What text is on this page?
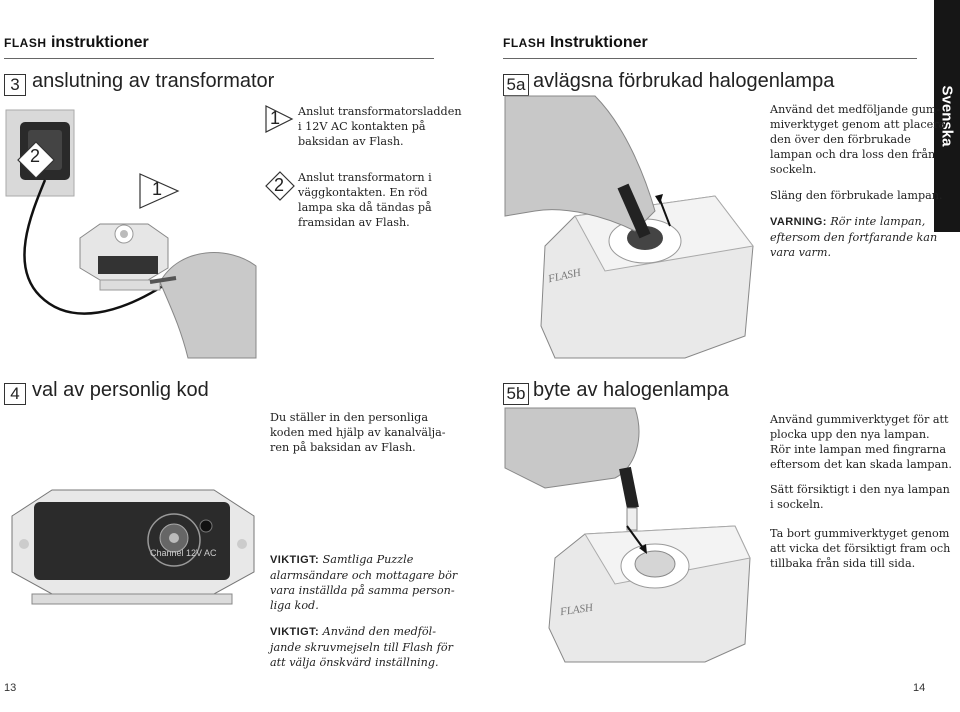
FLASH instruktioner	FLASH Instruktioner
Svenska
3 anslutning av transformator
2
1
1 Anslut transformatorsladden

i 12V AC kontakten på

baksidan av Flash.

2 Anslut transformatorn i

väggkontakten. En röd

lampa ska då tändas på

framsidan av Flash.

5a avlägsna förbrukad halogenlampa
FLASH

Använd det medföljande gum-

miverktyget genom att placera

den över den förbrukade

lampan och dra loss den från

sockeln.

Släng den förbrukade lampan.

VARNING: Rör inte lampan,

eftersom den fortfarande kan

vara varm.

4 val av personlig kod

Du ställer in den personliga

koden med hjälp av kanalvälja-

ren på baksidan av Flash.

Channel 12V AC

VIKTIGT: Samtliga Puzzle

alarmsändare och mottagare bör

vara inställda på samma person-

liga kod.

VIKTIGT: Använd den medföl-

jande skruvmejseln till Flash för

att välja önskvärd inställning.

5b byte av halogenlampa
FLASH

Använd gummiverktyget för att

plocka upp den nya lampan.

Rör inte lampan med fingrarna

eftersom det kan skada lampan.

Sätt försiktigt i den nya lampan

i sockeln.

Ta bort gummiverktyget genom

att vicka det försiktigt fram och

tillbaka från sida till sida.

13	14
